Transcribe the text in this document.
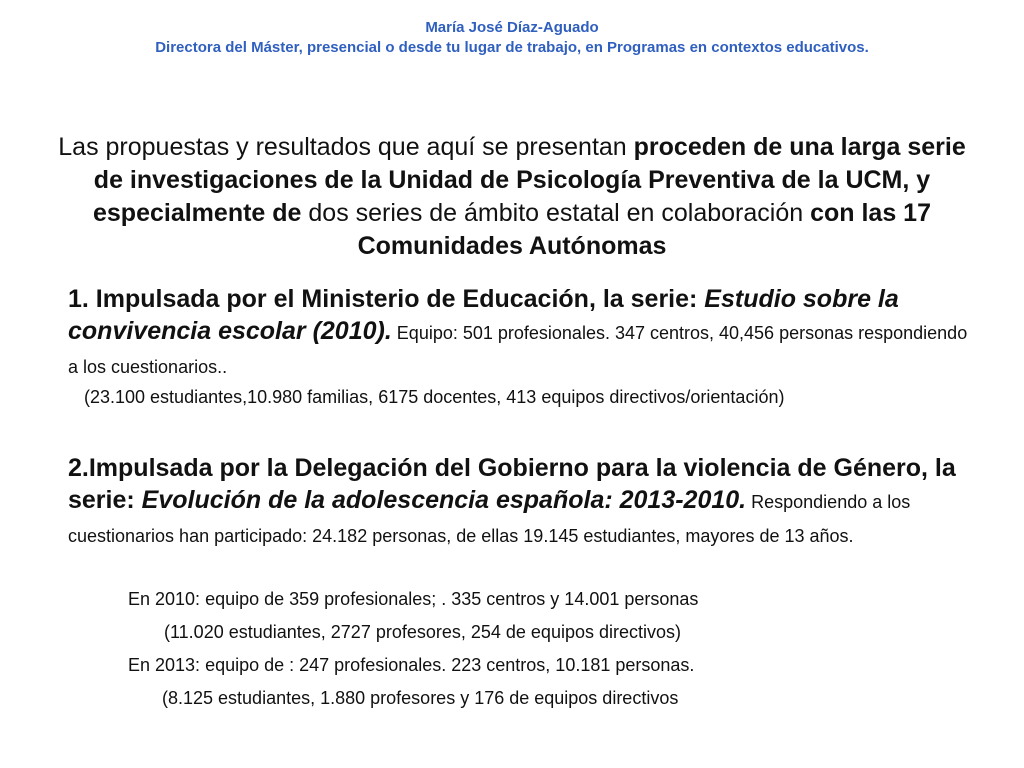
María José Díaz-Aguado
Directora del Máster, presencial o desde tu lugar de trabajo, en Programas en contextos educativos.
Las propuestas y resultados que aquí se presentan proceden de una larga serie de investigaciones de la Unidad de Psicología Preventiva de la UCM, y especialmente de dos series de ámbito estatal en colaboración con las 17 Comunidades Autónomas
1. Impulsada por el Ministerio de Educación, la serie: Estudio sobre la convivencia escolar (2010). Equipo: 501 profesionales. 347 centros, 40,456 personas respondiendo a los cuestionarios..
(23.100 estudiantes,10.980 familias, 6175 docentes, 413 equipos directivos/orientación)
2.Impulsada por la Delegación del Gobierno para la violencia de Género, la serie: Evolución de la adolescencia española: 2013-2010. Respondiendo a los cuestionarios han participado: 24.182 personas, de ellas 19.145 estudiantes, mayores de 13 años.
En 2010: equipo de 359 profesionales; . 335 centros y 14.001 personas
(11.020 estudiantes, 2727 profesores, 254 de equipos directivos)
En 2013: equipo de : 247 profesionales. 223 centros, 10.181 personas.
(8.125 estudiantes, 1.880 profesores y 176 de equipos directivos
